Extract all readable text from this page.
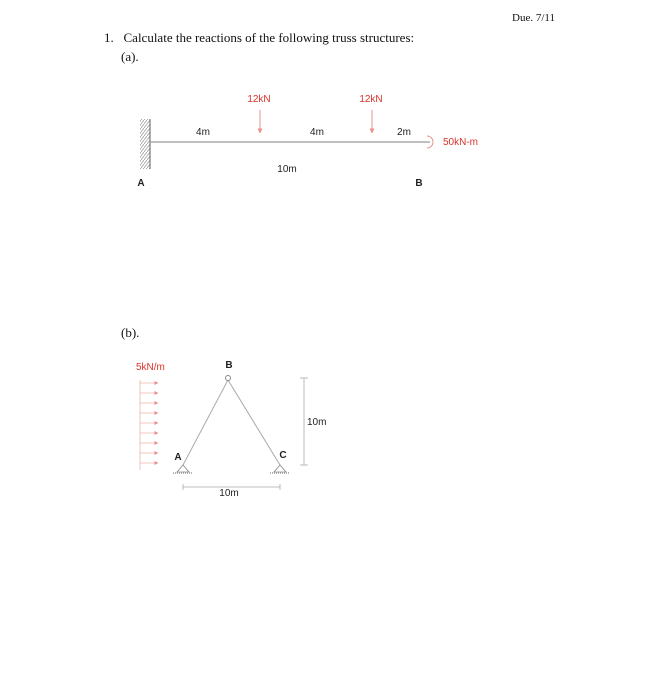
Due. 7/11
1. Calculate the reactions of the following truss structures:
(a).
(b).
12kN	12kN
4m	4m	2m
10m
50kN-m
A	B
5kN/m	B
A	C
10m
10m
